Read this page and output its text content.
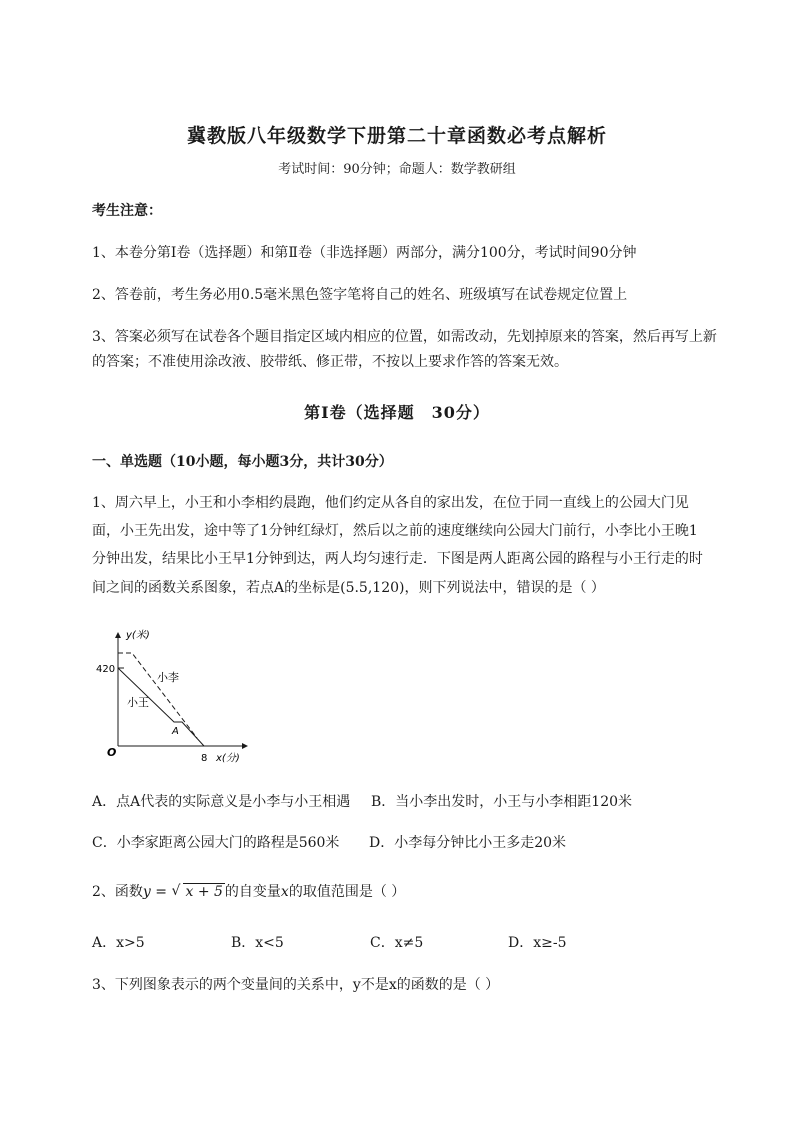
冀教版八年级数学下册第二十章函数必考点解析
考试时间：90分钟；命题人：数学教研组
考生注意：
1、本卷分第I卷（选择题）和第Ⅱ卷（非选择题）两部分，满分100分，考试时间90分钟
2、答卷前，考生务必用0.5毫米黑色签字笔将自己的姓名、班级填写在试卷规定位置上
3、答案必须写在试卷各个题目指定区域内相应的位置，如需改动，先划掉原来的答案，然后再写上新
的答案；不准使用涂改液、胶带纸、修正带，不按以上要求作答的答案无效。
第I卷（选择题　30分）
一、单选题（10小题，每小题3分，共计30分）
1、周六早上，小王和小李相约晨跑，他们约定从各自的家出发，在位于同一直线上的公园大门见
面，小王先出发，途中等了1分钟红绿灯，然后以之前的速度继续向公园大门前行，小李比小王晚1
分钟出发，结果比小王早1分钟到达，两人均匀速行走．下图是两人距离公园的路程与小王行走的时
间之间的函数关系图象，若点A的坐标是(5.5,120)，则下列说法中，错误的是（ ）
y(米)
x(分)
420
8
O
A
小李
小王
A．点A代表的实际意义是小李与小王相遇 B．当小李出发时，小王与小李相距120米
C．小李家距离公园大门的路程是560米 D．小李每分钟比小王多走20米
2、函数y = √ x + 5 的自变量x的取值范围是（ ）
A．x>5	B．x<5	C．x≠5	D．x≥-5
3、下列图象表示的两个变量间的关系中，y不是x的函数的是（ ）
